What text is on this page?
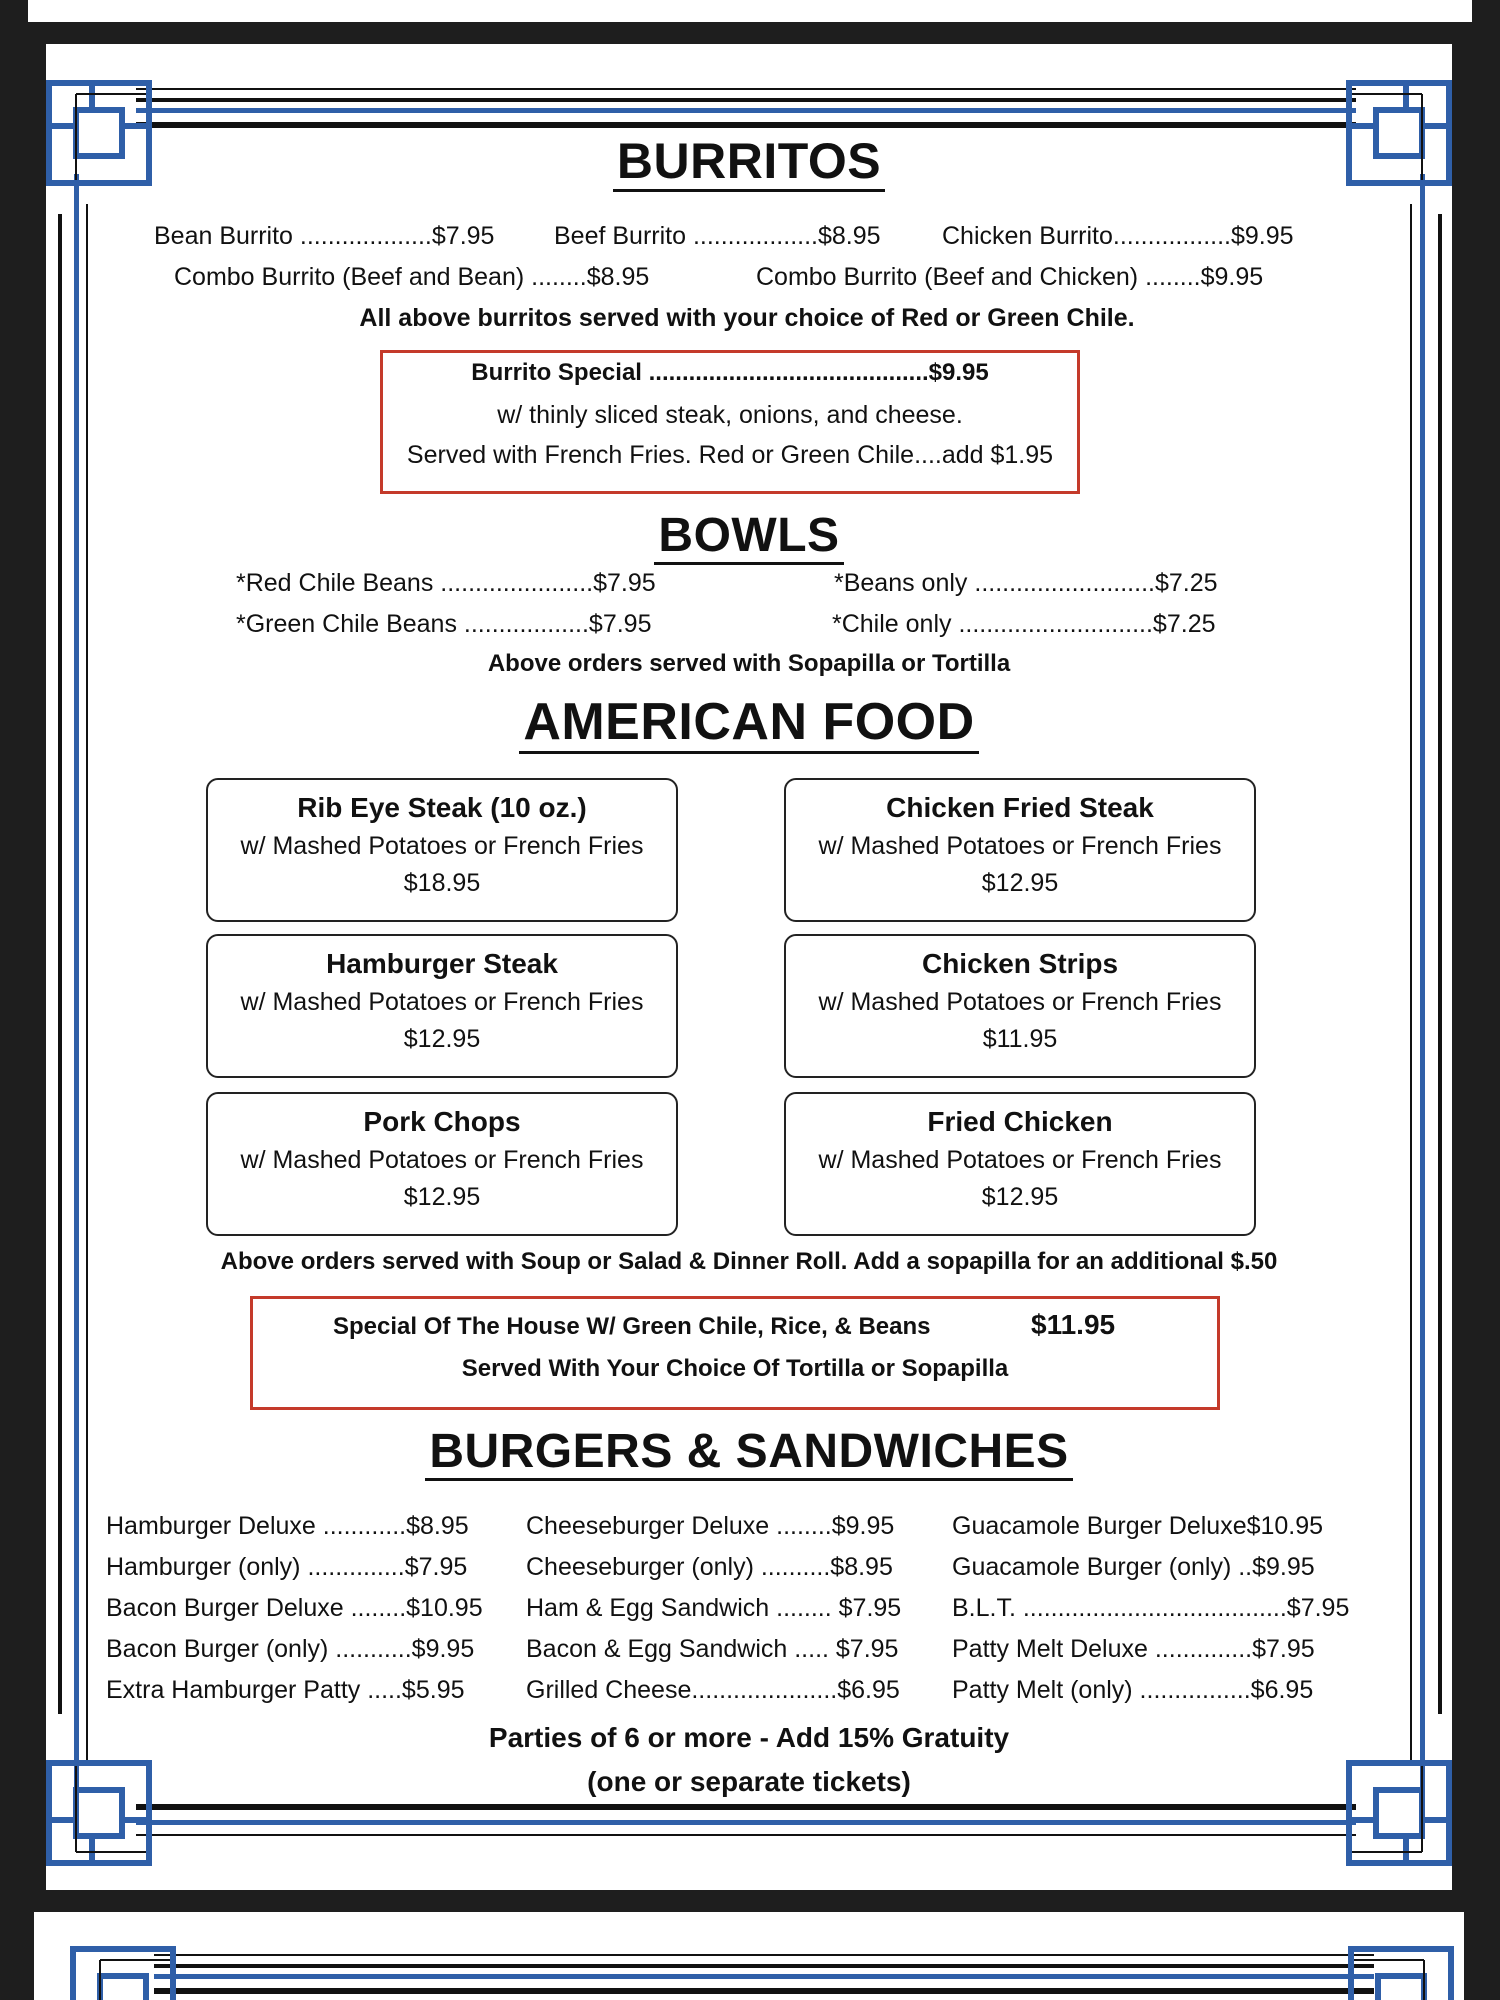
BURRITOS
Bean Burrito ...................$7.95 Beef Burrito ..................$8.95 Chicken Burrito.................$9.95
Combo Burrito (Beef and Bean) ........$8.95	Combo Burrito (Beef and Chicken) ........$9.95
All above burritos served with your choice of Red or Green Chile.
Burrito Special ..........................................$9.95
w/ thinly sliced steak, onions, and cheese.
Served with French Fries. Red or Green Chile....add $1.95
BOWLS
*Red Chile Beans ......................$7.95
*Green Chile Beans ..................$7.95
*Beans only ..........................$7.25
*Chile only ............................$7.25
Above orders served with Sopapilla or Tortilla
AMERICAN FOOD
Rib Eye Steak (10 oz.)
w/ Mashed Potatoes or French Fries
$18.95
Chicken Fried Steak
w/ Mashed Potatoes or French Fries
$12.95
Hamburger Steak
w/ Mashed Potatoes or French Fries
$12.95
Chicken Strips
w/ Mashed Potatoes or French Fries
$11.95
Pork Chops
w/ Mashed Potatoes or French Fries
$12.95
Fried Chicken
w/ Mashed Potatoes or French Fries
$12.95
Above orders served with Soup or Salad & Dinner Roll. Add a sopapilla for an additional $.50
Special Of The House W/ Green Chile, Rice, & Beans	$11.95
Served With Your Choice Of Tortilla or Sopapilla
BURGERS & SANDWICHES
Hamburger Deluxe ............$8.95
Hamburger (only) ..............$7.95
Bacon Burger Deluxe ........$10.95
Bacon Burger (only) ...........$9.95
Extra Hamburger Patty .....$5.95
Cheeseburger Deluxe ........$9.95
Cheeseburger (only) ..........$8.95
Ham & Egg Sandwich ........ $7.95
Bacon & Egg Sandwich ..... $7.95
Grilled Cheese.....................$6.95
Guacamole Burger Deluxe$10.95
Guacamole Burger (only) ..$9.95
B.L.T. ......................................$7.95
Patty Melt Deluxe ..............$7.95
Patty Melt (only) ................$6.95
Parties of 6 or more - Add 15% Gratuity
(one or separate tickets)
